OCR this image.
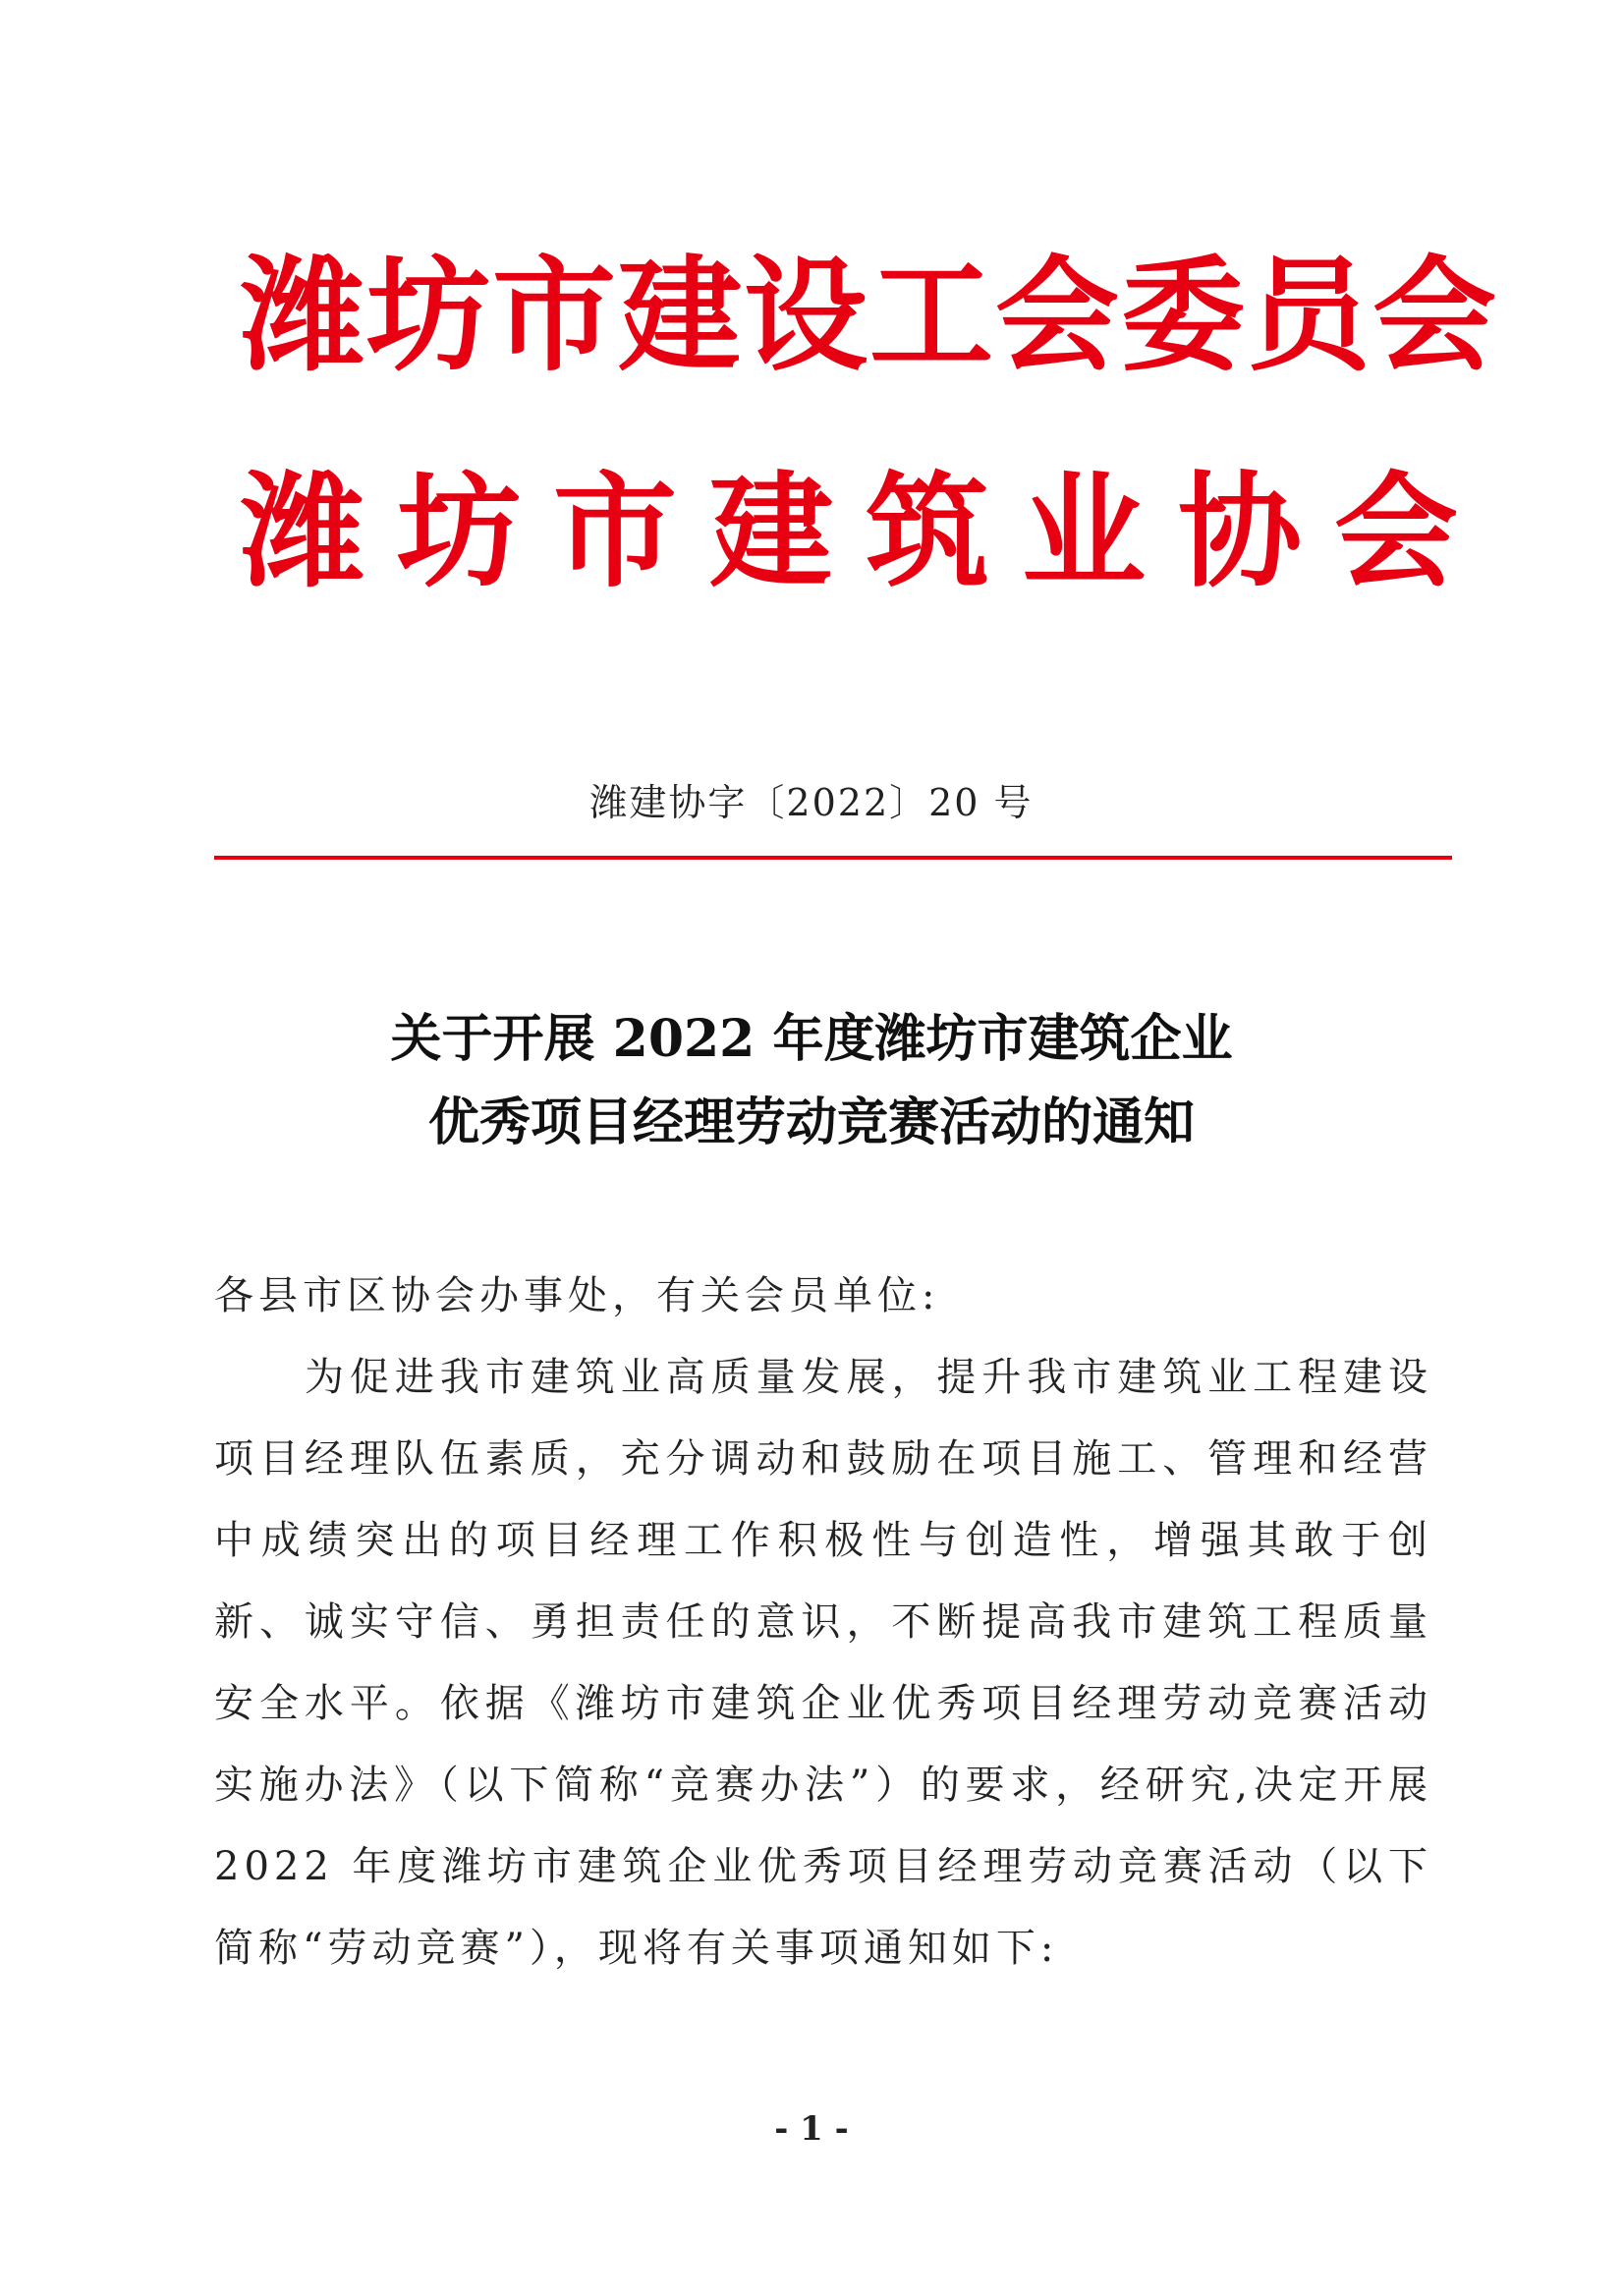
潍坊市建设工会委员会
潍坊市建筑业协会
潍建协字〔2022〕20 号
关于开展 2022 年度潍坊市建筑企业
优秀项目经理劳动竞赛活动的通知
各县市区协会办事处，有关会员单位:
为促进我市建筑业高质量发展，提升我市建筑业工程建设项目经理队伍素质，充分调动和鼓励在项目施工、管理和经营中成绩突出的项目经理工作积极性与创造性，增强其敢于创新、诚实守信、勇担责任的意识，不断提高我市建筑工程质量安全水平。依据《潍坊市建筑企业优秀项目经理劳动竞赛活动实施办法》（以下简称“竞赛办法”）的要求，经研究,决定开展 2022 年度潍坊市建筑企业优秀项目经理劳动竞赛活动（以下简称“劳动竞赛”），现将有关事项通知如下:
- 1 -
